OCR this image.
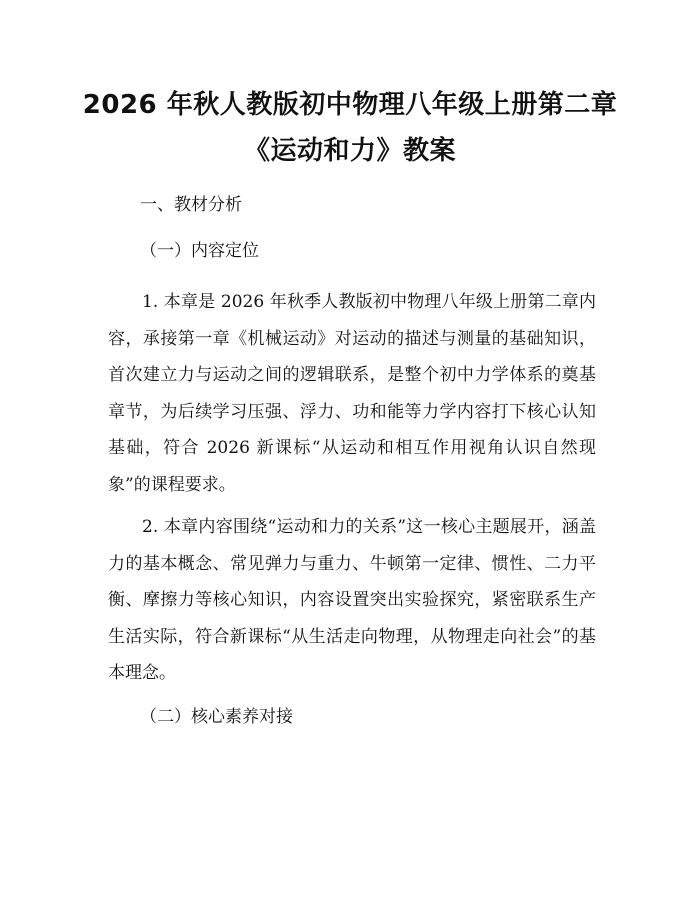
2026 年秋人教版初中物理八年级上册第二章
《运动和力》教案
一、教材分析
（一）内容定位

1. 本章是 2026 年秋季人教版初中物理八年级上册第二章内容，承接第一章《机械运动》对运动的描述与测量的基础知识，首次建立力与运动之间的逻辑联系，是整个初中力学体系的奠基章节，为后续学习压强、浮力、功和能等力学内容打下核心认知基础，符合 2026 新课标“从运动和相互作用视角认识自然现象”的课程要求。

2. 本章内容围绕“运动和力的关系”这一核心主题展开，涵盖力的基本概念、常见弹力与重力、牛顿第一定律、惯性、二力平衡、摩擦力等核心知识，内容设置突出实验探究，紧密联系生产生活实际，符合新课标“从生活走向物理，从物理走向社会”的基本理念。

（二）核心素养对接
